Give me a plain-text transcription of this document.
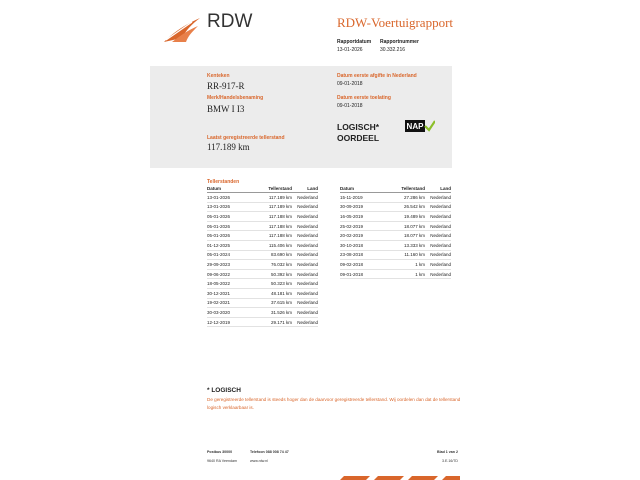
RDW	RDW-Voertuigrapport
Rapportdatum
13-01-2026
Rapportnummer
30.332.216
Kenteken
RR-917-R
Merk/Handelsbenaming
BMW I I3
Laatst geregistreerde tellerstand
117.189 km
Datum eerste afgifte in Nederland
09-01-2018
Datum eerste toelating
09-01-2018
LOGISCH*
OORDEEL
NAP
Tellerstanden
Datum	Tellerstand	Land
13-01-2026	117.189 km	Nederland
13-01-2026	117.189 km	Nederland
05-01-2026	117.188 km	Nederland
05-01-2026	117.188 km	Nederland
05-01-2026	117.188 km	Nederland
01-12-2025	115.406 km	Nederland
05-01-2024	83.690 km	Nederland
29-09-2023	76.032 km	Nederland
09-06-2022	50.392 km	Nederland
18-05-2022	50.323 km	Nederland
30-12-2021	48.181 km	Nederland
19-02-2021	37.615 km	Nederland
30-03-2020	31.526 km	Nederland
12-12-2019	29.171 km	Nederland
Datum	Tellerstand	Land
15-11-2019	27.286 km	Nederland
30-09-2019	26.542 km	Nederland
16-05-2019	19.489 km	Nederland
25-02-2019	18.077 km	Nederland
20-02-2019	18.077 km	Nederland
30-10-2018	13.333 km	Nederland
23-08-2018	11.160 km	Nederland
09-02-2018	1 km	Nederland
09-01-2018	1 km	Nederland
* LOGISCH
De geregistreerde tellerstand is steeds hoger dan de daarvoor geregistreerde tellerstand. Wij oordelen dan dat de tellerstand logisch verklaarbaar is.
Postbus 30000
9640 RA Veendam
Telefoon 088 008 74 47
www.rdw.nl
Blad 1 van 2
3.E.16/7D
